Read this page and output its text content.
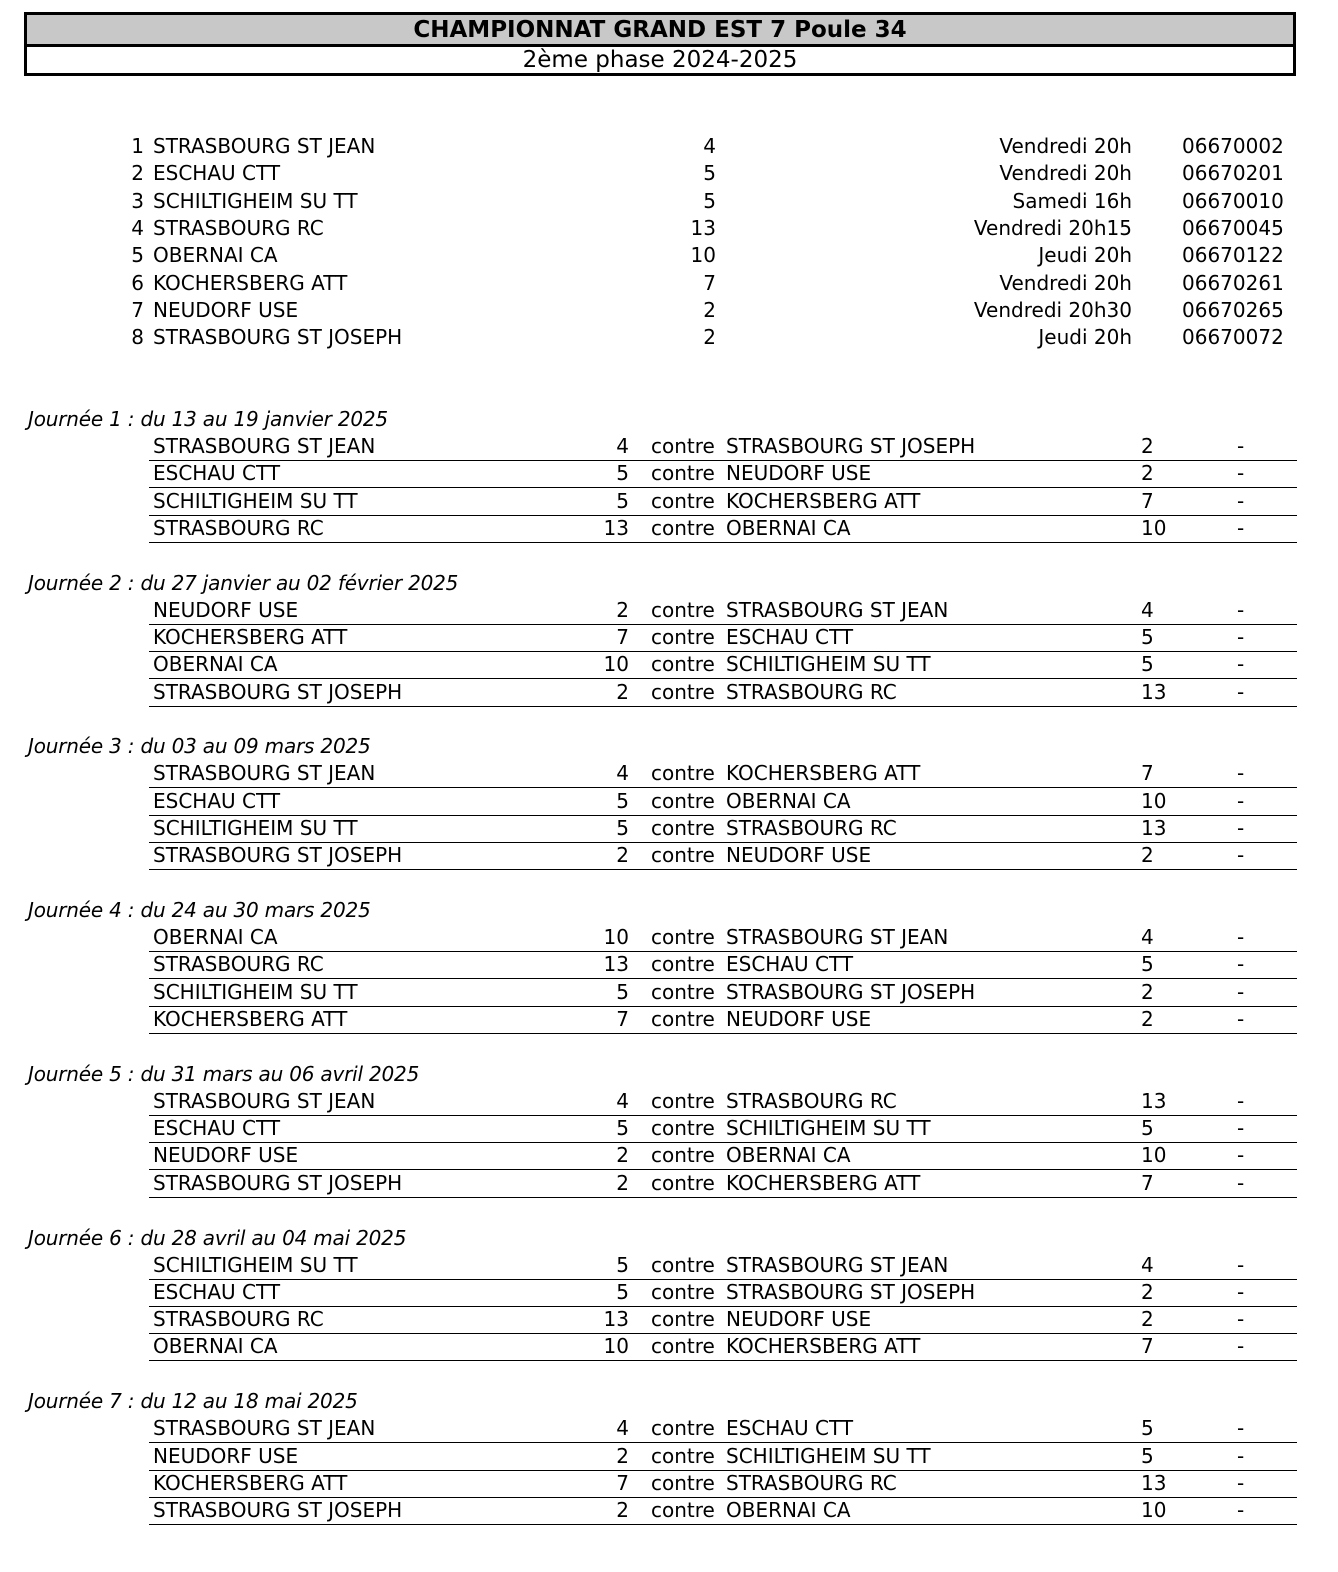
CHAMPIONNAT GRAND EST 7 Poule 34
2ème phase 2024-2025
1 STRASBOURG ST JEAN	4	Vendredi 20h	06670002
2 ESCHAU CTT	5	Vendredi 20h	06670201
3 SCHILTIGHEIM SU TT	5	Samedi 16h	06670010
4 STRASBOURG RC	13	Vendredi 20h15	06670045
5 OBERNAI CA	10	Jeudi 20h	06670122
6 KOCHERSBERG ATT	7	Vendredi 20h	06670261
7 NEUDORF USE	2	Vendredi 20h30	06670265
8 STRASBOURG ST JOSEPH	2	Jeudi 20h	06670072
Journée 1 : du 13 au 19 janvier 2025
STRASBOURG ST JEAN	4 contre STRASBOURG ST JOSEPH	2	-
ESCHAU CTT	5 contre NEUDORF USE	2	-
SCHILTIGHEIM SU TT	5 contre KOCHERSBERG ATT	7	-
STRASBOURG RC	13 contre OBERNAI CA	10	-
Journée 2 : du 27 janvier au 02 février 2025
NEUDORF USE	2 contre STRASBOURG ST JEAN	4	-
KOCHERSBERG ATT	7 contre ESCHAU CTT	5	-
OBERNAI CA	10 contre SCHILTIGHEIM SU TT	5	-
STRASBOURG ST JOSEPH	2 contre STRASBOURG RC	13	-
Journée 3 : du 03 au 09 mars 2025
STRASBOURG ST JEAN	4 contre KOCHERSBERG ATT	7	-
ESCHAU CTT	5 contre OBERNAI CA	10	-
SCHILTIGHEIM SU TT	5 contre STRASBOURG RC	13	-
STRASBOURG ST JOSEPH	2 contre NEUDORF USE	2	-
Journée 4 : du 24 au 30 mars 2025
OBERNAI CA	10 contre STRASBOURG ST JEAN	4	-
STRASBOURG RC	13 contre ESCHAU CTT	5	-
SCHILTIGHEIM SU TT	5 contre STRASBOURG ST JOSEPH	2	-
KOCHERSBERG ATT	7 contre NEUDORF USE	2	-
Journée 5 : du 31 mars au 06 avril 2025
STRASBOURG ST JEAN	4 contre STRASBOURG RC	13	-
ESCHAU CTT	5 contre SCHILTIGHEIM SU TT	5	-
NEUDORF USE	2 contre OBERNAI CA	10	-
STRASBOURG ST JOSEPH	2 contre KOCHERSBERG ATT	7	-
Journée 6 : du 28 avril au 04 mai 2025
SCHILTIGHEIM SU TT	5 contre STRASBOURG ST JEAN	4	-
ESCHAU CTT	5 contre STRASBOURG ST JOSEPH	2	-
STRASBOURG RC	13 contre NEUDORF USE	2	-
OBERNAI CA	10 contre KOCHERSBERG ATT	7	-
Journée 7 : du 12 au 18 mai 2025
STRASBOURG ST JEAN	4 contre ESCHAU CTT	5	-
NEUDORF USE	2 contre SCHILTIGHEIM SU TT	5	-
KOCHERSBERG ATT	7 contre STRASBOURG RC	13	-
STRASBOURG ST JOSEPH	2 contre OBERNAI CA	10	-
